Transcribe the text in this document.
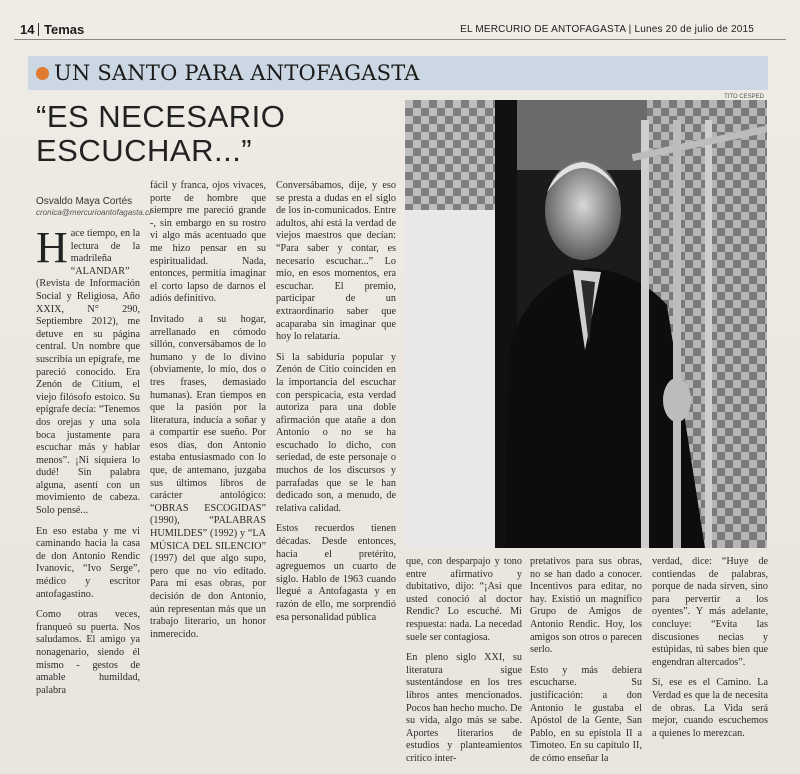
14 Temas	EL MERCURIO DE ANTOFAGASTA | Lunes 20 de julio de 2015
UN SANTO PARA ANTOFAGASTA
“ES NECESARIO ESCUCHAR...”
Osvaldo Maya Cortés
cronica@mercurioantofagasta.cl

Hace tiempo, en la lectura de la madrileña “ALANDAR” (Revista de Información Social y Religiosa, Año XXIX, N° 290, Septiembre 2012), me detuve en su página central. Un nombre que suscribía un epígrafe, me pareció conocido. Era Zenón de Citium, el viejo filósofo estoico. Su epígrafe decía: “Tenemos dos orejas y una sola boca justamente para escuchar más y hablar menos”. ¡Ni siquiera lo dudé! Sin palabra alguna, asentí con un movimiento de cabeza. Solo pensé...

En eso estaba y me vi caminando hacia la casa de don Antonio Rendic Ivanovic, “Ivo Serge”, médico y escritor antofagastino.

Como otras veces, franqueó su puerta. Nos saludamos. El amigo ya nonagenario, siendo él mismo - gestos de amable humildad, palabra

fácil y franca, ojos vivaces, porte de hombre que siempre me pareció grande -, sin embargo en su rostro vi algo más acentuado que me hizo pensar en su espiritualidad. Nada, entonces, permitía imaginar el corto lapso de darnos el adiós definitivo.

Invitado a su hogar, arrellanado en cómodo sillón, conversábamos de lo humano y de lo divino (obviamente, lo mío, dos o tres frases, demasiado humanas). Eran tiempos en que la pasión por la literatura, inducía a soñar y a compartir ese sueño. Por esos días, don Antonio estaba entusiasmado con lo que, de antemano, juzgaba sus últimos libros de carácter antológico: “OBRAS ESCOGIDAS” (1990), “PALABRAS HUMILDES” (1992) y “LA MÚSICA DEL SILENCIO” (1997) del que algo supo, pero que no vio editado. Para mí esas obras, por decisión de don Antonio, aún representan más que un trabajo literario, un honor inmerecido.

Conversábamos, dije, y eso se presta a dudas en el siglo de los in-comunicados. Entre adultos, ahí está la verdad de viejos maestros que decían: “Para saber y contar, es necesario escuchar...” Lo mío, en esos momentos, era escuchar. El premio, participar de un extraordinario saber que acaparaba sin imaginar que hoy lo relataría.

Si la sabiduría popular y Zenón de Citio coinciden en la importancia del escuchar con perspicacia, esta verdad autoriza para una doble afirmación que atañe a don Antonio o no se ha escuchado lo dicho, con seriedad, de este personaje o muchos de los discursos y parrafadas que se le han dedicado son, a menudo, de relativa calidad.

Estos recuerdos tienen décadas. Desde entonces, hacia el pretérito, agreguemos un cuarto de siglo. Hablo de 1963 cuando llegué a Antofagasta y en razón de ello, me sorprendió esa personalidad pública

TITO CESPED

que, con desparpajo y tono entre afirmativo y dubitativo, dijo: “¡Así que usted conoció al doctor Rendic? Lo escuché. Mi respuesta: nada. La necedad suele ser contagiosa.

En pleno siglo XXI, su literatura sigue sustentándose en los tres libros antes mencionados. Pocos han hecho mucho. De su vida, algo más se sabe. Aportes literarios de estudios y planteamientos crítico inter-

pretativos para sus obras, no se han dado a conocer. Incentivos para editar, no hay. Existió un magnífico Grupo de Amigos de Antonio Rendic. Hoy, los amigos son otros o parecen serlo.

Esto y más debiera escucharse. Su justificación: a don Antonio le gustaba el Apóstol de la Gente, San Pablo, en su epístola II a Timoteo. En su capítulo II, de cómo enseñar la

verdad, dice: “Huye de contiendas de palabras, porque de nada sirven, sino para pervertir a los oyentes”. Y más adelante, concluye: “Evita las discusiones necias y estúpidas, tú sabes bien que engendran altercados”.

Sí, ese es el Camino. La Verdad es que la de necesita de obras. La Vida será mejor, cuando escuchemos a quienes lo merezcan.
